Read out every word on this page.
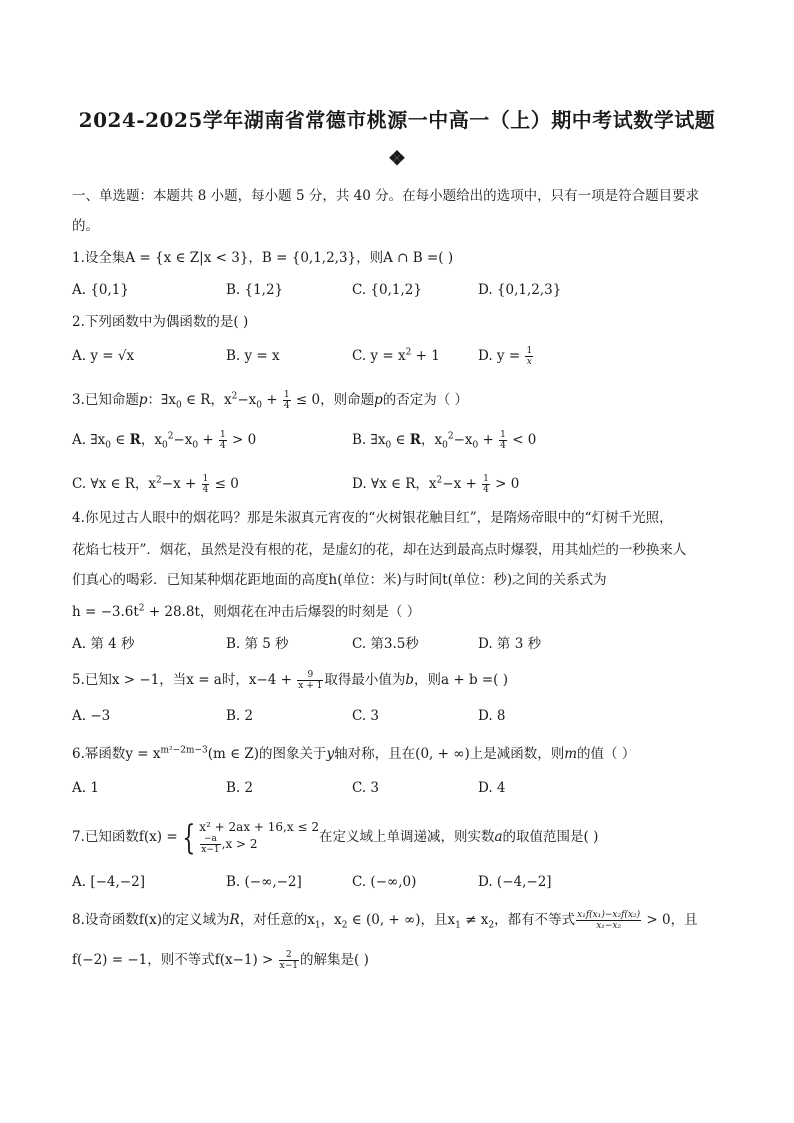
2024-2025学年湖南省常德市桃源一中高一（上）期中考试数学试题
❖
一、单选题：本题共 8 小题，每小题 5 分，共 40 分。在每小题给出的选项中，只有一项是符合题目要求
的。
1.设全集A = {x ∈ Z|x < 3}，B = {0,1,2,3}，则A ∩ B =( )
A. {0,1}	B. {1,2}	C. {0,1,2}	D. {0,1,2,3}
2.下列函数中为偶函数的是( )
A. y = √x	B. y = x	C. $y = x^2 + 1$	D. $y = \frac{1}{x}$
3.已知命题p：$\exists x_0$ ∈ R，$x^2-x_0 + \frac{1}{4} \le 0$，则命题p的否定为（ ）
A. $\exists x_0$ ∈ R，$x_0^2-x_0 + \frac{1}{4} > 0$	B. $\exists x_0$ ∈ R，$x_0^2-x_0 + \frac{1}{4} < 0$
C. ∀x ∈ R，$x^2-x + \frac{1}{4} \le 0$	D. ∀x ∈ R，$x^2-x + \frac{1}{4} > 0$
4.你见过古人眼中的烟花吗？那是朱淑真元宵夜的“火树银花触目红”，是隋炀帝眼中的“灯树千光照，
花焰七枝开”．烟花，虽然是没有根的花，是虚幻的花，却在达到最高点时爆裂，用其灿烂的一秒换来人
们真心的喝彩．已知某种烟花距地面的高度h(单位：米)与时间t(单位：秒)之间的关系式为
$h = -3.6t^2 + 28.8t$，则烟花在冲击后爆裂的时刻是（ ）
A. 第 4 秒	B. 第 5 秒	C. 第3.5秒	D. 第 3 秒
5.已知x > −1，当x = a时，$x-4 + \frac{9}{x + 1}$ 取得最小值为b，则a + b =( )
A. −3	B. 2	C. 3	D. 8
6.幂函数$y = x^{m^2-2m-3}(m$ ∈ Z)的图象关于y轴对称，且在(0, + ∞)上是减函数，则m的值（ ）
A. 1	B. 2	C. 3	D. 4
7.已知函数f(x) = { x² + 2ax + 16,x ≤ 2
$\frac{-a}{x-1} ,x > 2$	在定义域上单调递减，则实数a的取值范围是( )
A. [−4,−2]	B. (−∞,−2]	C. (−∞,0)	D. (−4,−2]
8.设奇函数f(x)的定义域为R，对任意的$x_1$，$x_2$ ∈ (0, + ∞)，且$x_1 \ne x_2$，都有不等式 $\frac{\text{x₁f(x₁)−x₂f(x₂)}}{\text{x₁−x₂}} > 0$，且
f(−2) = −1，则不等式$f(x-1) > \frac{2}{x-1}$ 的解集是( )
